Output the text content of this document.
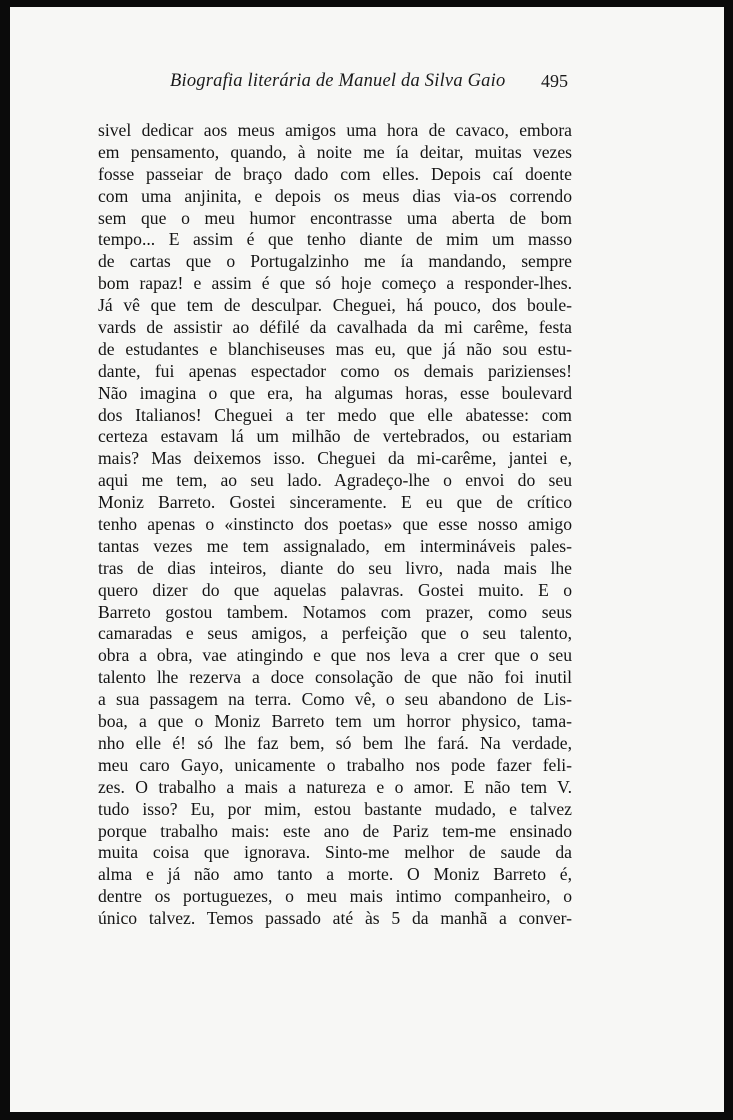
Biografia literária de Manuel da Silva Gaio 495
sivel dedicar aos meus amigos uma hora de cavaco, embora
em pensamento, quando, à noite me ía deitar, muitas vezes
fosse passeiar de braço dado com elles. Depois caí doente
com uma anjinita, e depois os meus dias via-os correndo
sem que o meu humor encontrasse uma aberta de bom
tempo... E assim é que tenho diante de mim um masso
de cartas que o Portugalzinho me ía mandando, sempre
bom rapaz! e assim é que só hoje começo a responder-lhes.
Já vê que tem de desculpar. Cheguei, há pouco, dos boule-
vards de assistir ao défilé da cavalhada da mi carême, festa
de estudantes e blanchiseuses mas eu, que já não sou estu-
dante, fui apenas espectador como os demais parizienses!
Não imagina o que era, ha algumas horas, esse boulevard
dos Italianos! Cheguei a ter medo que elle abatesse: com
certeza estavam lá um milhão de vertebrados, ou estariam
mais? Mas deixemos isso. Cheguei da mi-carême, jantei e,
aqui me tem, ao seu lado. Agradeço-lhe o envoi do seu
Moniz Barreto. Gostei sinceramente. E eu que de crítico
tenho apenas o «instincto dos poetas» que esse nosso amigo
tantas vezes me tem assignalado, em intermináveis pales-
tras de dias inteiros, diante do seu livro, nada mais lhe
quero dizer do que aquelas palavras. Gostei muito. E o
Barreto gostou tambem. Notamos com prazer, como seus
camaradas e seus amigos, a perfeição que o seu talento,
obra a obra, vae atingindo e que nos leva a crer que o seu
talento lhe rezerva a doce consolação de que não foi inutil
a sua passagem na terra. Como vê, o seu abandono de Lis-
boa, a que o Moniz Barreto tem um horror physico, tama-
nho elle é! só lhe faz bem, só bem lhe fará. Na verdade,
meu caro Gayo, unicamente o trabalho nos pode fazer feli-
zes. O trabalho a mais a natureza e o amor. E não tem V.
tudo isso? Eu, por mim, estou bastante mudado, e talvez
porque trabalho mais: este ano de Pariz tem-me ensinado
muita coisa que ignorava. Sinto-me melhor de saude da
alma e já não amo tanto a morte. O Moniz Barreto é,
dentre os portuguezes, o meu mais intimo companheiro, o
único talvez. Temos passado até às 5 da manhã a conver-
